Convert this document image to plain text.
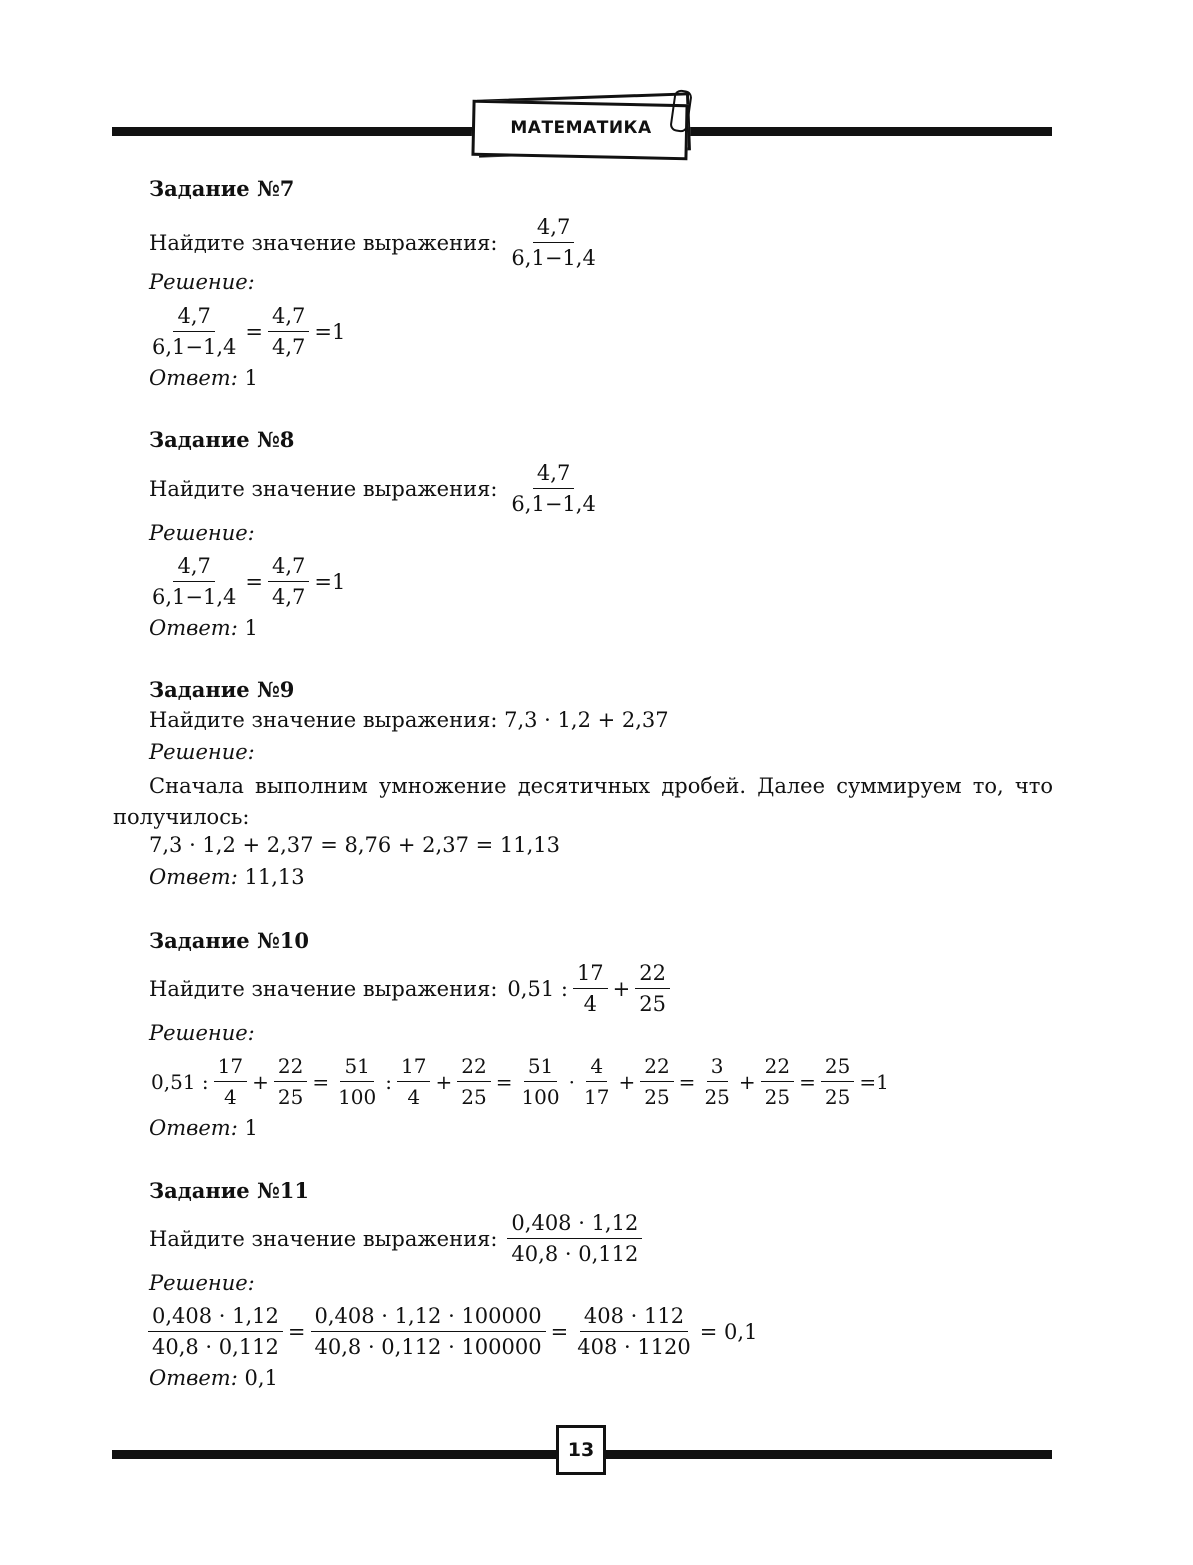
МАТЕМАТИКА
Задание №7
Найдите значение выражения: $\frac{4,7}{6,1-1,4}$
Решение:
$\frac{4,7}{6,1-1,4} = \frac{4,7}{4,7} =1$
Ответ:
1
Задание №8
Найдите значение выражения: $\frac{4,7}{6,1-1,4}$
Решение:
$\frac{4,7}{6,1-1,4} = \frac{4,7}{4,7} =1$
Ответ:
1
Задание №9
Найдите значение выражения:
7,3 · 1,2 + 2,37
Решение:
Сначала выполним умножение десятичных дробей. Далее суммируем то, что получилось:
7,3 · 1,2 + 2,37 = 8,76 + 2,37 = 11,13
Ответ:
11,13
Задание №10
Найдите значение выражения: 0,51 : $\frac{17}{4} + \frac{22}{25}$
Решение:
0,51 : $\frac{17}{4} + \frac{22}{25} = \frac{51}{100}$ : $\frac{17}{4} + \frac{22}{25} = \frac{51}{100} \cdot \frac{4}{17} + \frac{22}{25} = \frac{3}{25} + \frac{22}{25} = \frac{25}{25} =1$
Ответ:
1
Задание №11
Найдите значение выражения: $\frac{0,408 \cdot 1,12}{40,8 \cdot 0,112}$
Решение:
$\frac{0,408 \cdot 1,12}{40,8 \cdot 0,112} = \frac{0,408 \cdot 1,12 \cdot 100000}{40,8 \cdot 0,112 \cdot 100000} = \frac{408 \cdot 112}{408 \cdot 1120} = 0,1$
Ответ:
0,1
13
